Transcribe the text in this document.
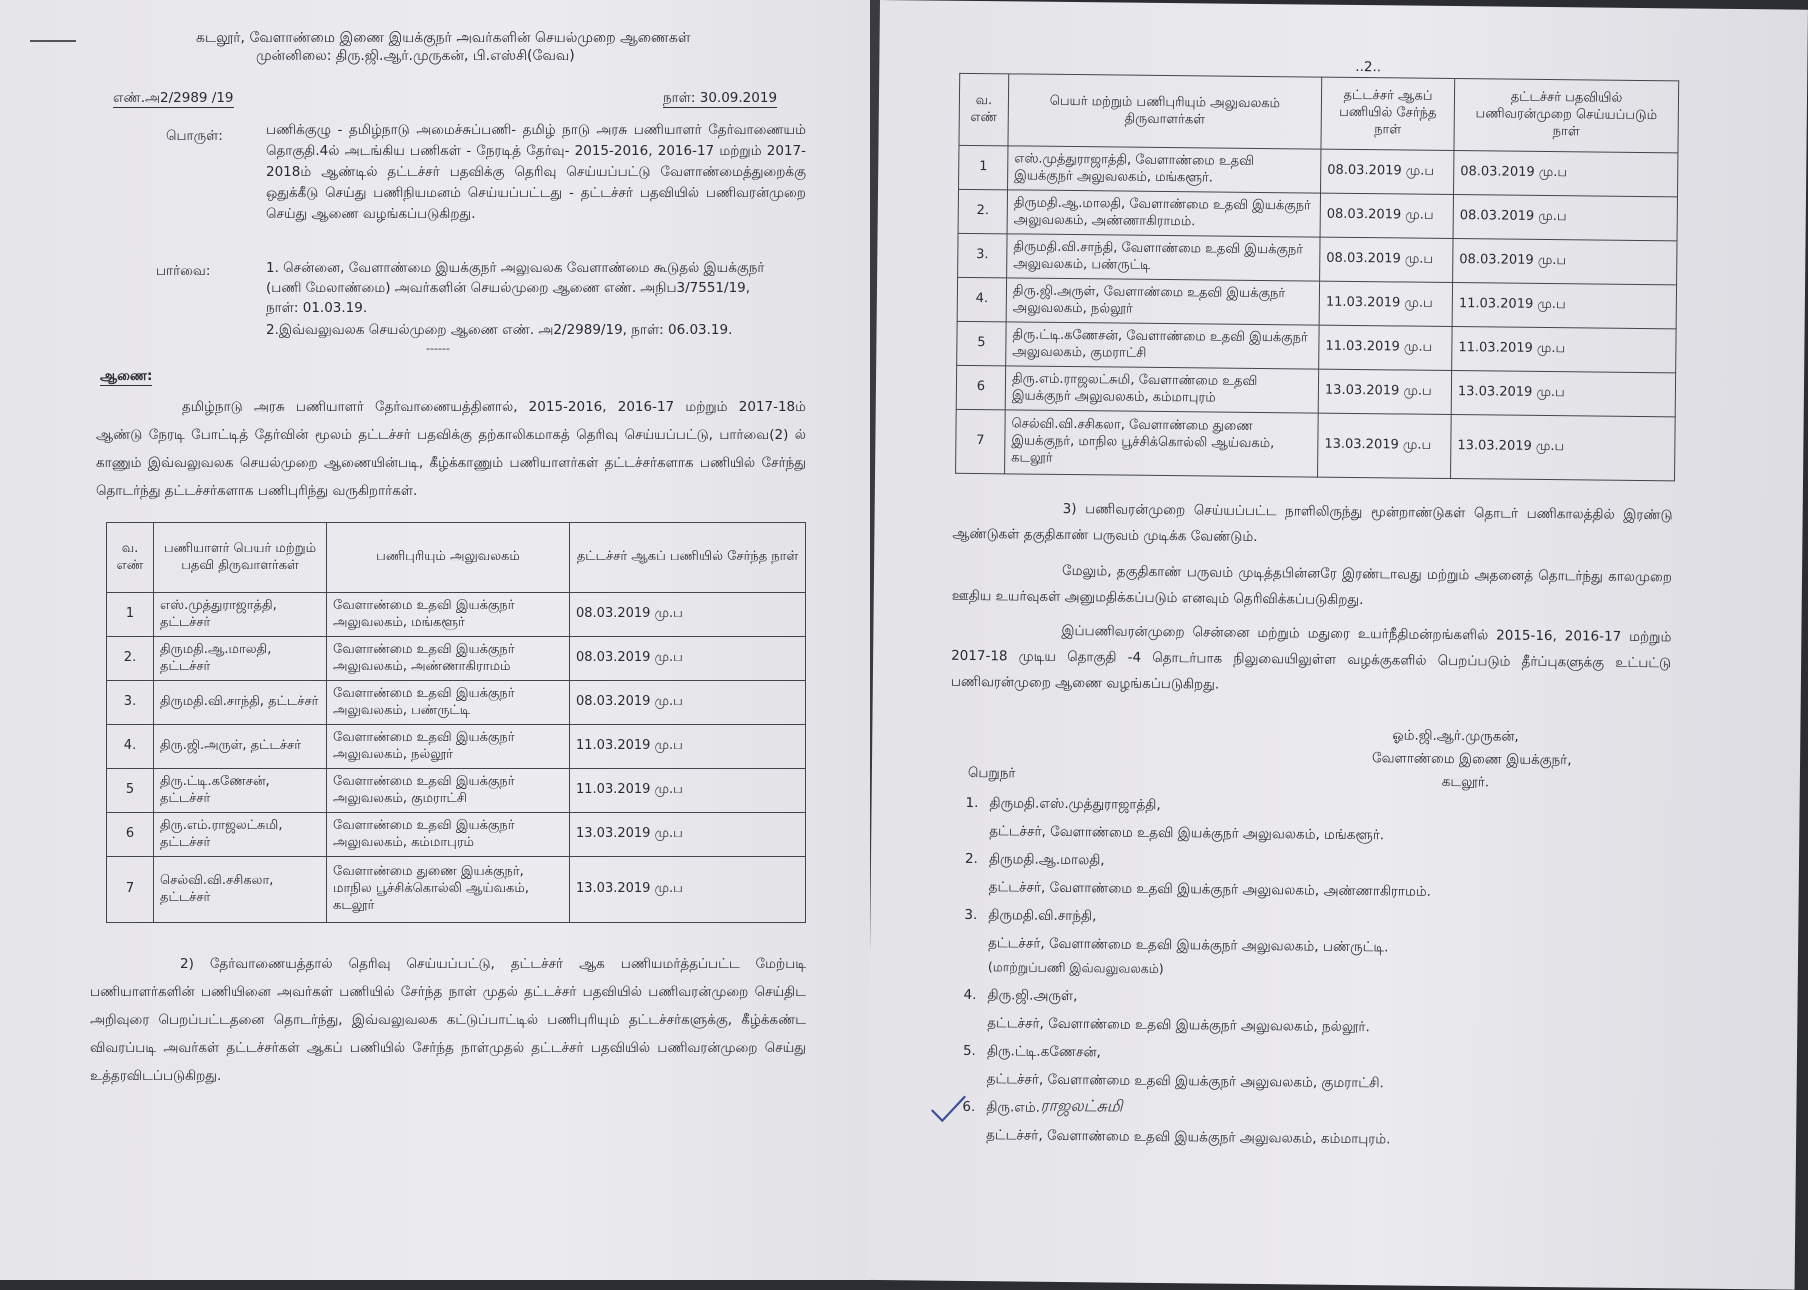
கடலூர், வேளாண்மை இணை இயக்குநர் அவர்களின் செயல்முறை ஆணைகள்
முன்னிலை: திரு.ஜி.ஆர்.முருகன், பி.எஸ்சி(வேவ)
எண்.அ2/2989 /19	நாள்: 30.09.2019
பொருள்:	பணிக்குழு - தமிழ்நாடு அமைச்சுப்பணி- தமிழ் நாடு அரசு பணியாளர் தேர்வாணையம் தொகுதி.4ல் அடங்கிய பணிகள் - நேரடித் தேர்வு- 2015-2016, 2016-17 மற்றும் 2017-2018ம் ஆண்டில் தட்டச்சர் பதவிக்கு தெரிவு செய்யப்பட்டு வேளாண்மைத்துறைக்கு ஒதுக்கீடு செய்து பணிநியமனம் செய்யப்பட்டது - தட்டச்சர் பதவியில் பணிவரன்முறை செய்து ஆணை வழங்கப்படுகிறது.
பார்வை:	1. சென்னை, வேளாண்மை இயக்குநர் அலுவலக வேளாண்மை கூடுதல் இயக்குநர் (பணி மேலாண்மை) அவர்களின் செயல்முறை ஆணை எண். அநிப3/7551/19, நாள்: 01.03.19.
2.இவ்வலுவலக செயல்முறை ஆணை எண். அ2/2989/19, நாள்: 06.03.19.
------
ஆணை:
தமிழ்நாடு அரசு பணியாளர் தேர்வாணையத்தினால், 2015-2016, 2016-17 மற்றும் 2017-18ம் ஆண்டு நேரடி போட்டித் தேர்வின் மூலம் தட்டச்சர் பதவிக்கு தற்காலிகமாகத் தெரிவு செய்யப்பட்டு, பார்வை(2) ல் காணும் இவ்வலுவலக செயல்முறை ஆணையின்படி, கீழ்க்காணும் பணியாளர்கள் தட்டச்சர்களாக பணியில் சேர்ந்து தொடர்ந்து தட்டச்சர்களாக பணிபுரிந்து வருகிறார்கள்.
வ. எண்	பணியாளர் பெயர் மற்றும் பதவி திருவாளர்கள்	பணிபுரியும் அலுவலகம்	தட்டச்சர் ஆகப் பணியில் சேர்ந்த நாள்
1	எஸ்.முத்துராஜாத்தி, தட்டச்சர்	வேளாண்மை உதவி இயக்குநர் அலுவலகம், மங்களூர்	08.03.2019 மு.ப
2.	திருமதி.ஆ.மாலதி, தட்டச்சர்	வேளாண்மை உதவி இயக்குநர் அலுவலகம், அண்ணாகிராமம்	08.03.2019 மு.ப
3.	திருமதி.வி.சாந்தி, தட்டச்சர்	வேளாண்மை உதவி இயக்குநர் அலுவலகம், பண்ருட்டி	08.03.2019 மு.ப
4.	திரு.ஜி.அருள், தட்டச்சர்	வேளாண்மை உதவி இயக்குநர் அலுவலகம், நல்லூர்	11.03.2019 மு.ப
5	திரு.ட்டி.கணேசன், தட்டச்சர்	வேளாண்மை உதவி இயக்குநர் அலுவலகம், குமராட்சி	11.03.2019 மு.ப
6	திரு.எம்.ராஜலட்சுமி, தட்டச்சர்	வேளாண்மை உதவி இயக்குநர் அலுவலகம், கம்மாபுரம்	13.03.2019 மு.ப
7	செல்வி.வி.சசிகலா, தட்டச்சர்	வேளாண்மை துணை இயக்குநர், மாநில பூச்சிக்கொல்லி ஆய்வகம், கடலூர்	13.03.2019 மு.ப
2) தேர்வாணையத்தால் தெரிவு செய்யப்பட்டு, தட்டச்சர் ஆக பணியமர்த்தப்பட்ட மேற்படி பணியாளர்களின் பணியினை அவர்கள் பணியில் சேர்ந்த நாள் முதல் தட்டச்சர் பதவியில் பணிவரன்முறை செய்திட அறிவுரை பெறப்பட்டதனை தொடர்ந்து, இவ்வலுவலக கட்டுப்பாட்டில் பணிபுரியும் தட்டச்சர்களுக்கு, கீழ்க்கண்ட விவரப்படி அவர்கள் தட்டச்சர்கள் ஆகப் பணியில் சேர்ந்த நாள்முதல் தட்டச்சர் பதவியில் பணிவரன்முறை செய்து உத்தரவிடப்படுகிறது.
..2..
வ. எண்	பெயர் மற்றும் பணிபுரியும் அலுவலகம் திருவாளர்கள்	தட்டச்சர் ஆகப் பணியில் சேர்ந்த நாள்	தட்டச்சர் பதவியில் பணிவரன்முறை செய்யப்படும் நாள்
1	எஸ்.முத்துராஜாத்தி, வேளாண்மை உதவி இயக்குநர் அலுவலகம், மங்களூர்.	08.03.2019 மு.ப	08.03.2019 மு.ப
2.	திருமதி.ஆ.மாலதி, வேளாண்மை உதவி இயக்குநர் அலுவலகம், அண்ணாகிராமம்.	08.03.2019 மு.ப	08.03.2019 மு.ப
3.	திருமதி.வி.சாந்தி, வேளாண்மை உதவி இயக்குநர் அலுவலகம், பண்ருட்டி	08.03.2019 மு.ப	08.03.2019 மு.ப
4.	திரு.ஜி.அருள், வேளாண்மை உதவி இயக்குநர் அலுவலகம், நல்லூர்	11.03.2019 மு.ப	11.03.2019 மு.ப
5	திரு.ட்டி.கணேசன், வேளாண்மை உதவி இயக்குநர் அலுவலகம், குமராட்சி	11.03.2019 மு.ப	11.03.2019 மு.ப
6	திரு.எம்.ராஜலட்சுமி, வேளாண்மை உதவி இயக்குநர் அலுவலகம், கம்மாபுரம்	13.03.2019 மு.ப	13.03.2019 மு.ப
7	செல்வி.வி.சசிகலா, வேளாண்மை துணை இயக்குநர், மாநில பூச்சிக்கொல்லி ஆய்வகம், கடலூர்	13.03.2019 மு.ப	13.03.2019 மு.ப
3) பணிவரன்முறை செய்யப்பட்ட நாளிலிருந்து மூன்றாண்டுகள் தொடர் பணிகாலத்தில் இரண்டு ஆண்டுகள் தகுதிகாண் பருவம் முடிக்க வேண்டும்.
மேலும், தகுதிகாண் பருவம் முடித்தபின்னரே இரண்டாவது மற்றும் அதனைத் தொடர்ந்து காலமுறை ஊதிய உயர்வுகள் அனுமதிக்கப்படும் எனவும் தெரிவிக்கப்படுகிறது.
இப்பணிவரன்முறை சென்னை மற்றும் மதுரை உயர்நீதிமன்றங்களில் 2015-16, 2016-17 மற்றும் 2017-18 முடிய தொகுதி -4 தொடர்பாக நிலுவையிலுள்ள வழக்குகளில் பெறப்படும் தீர்ப்புகளுக்கு உட்பட்டு பணிவரன்முறை ஆணை வழங்கப்படுகிறது.
ஓம்.ஜி.ஆர்.முருகன்,
வேளாண்மை இணை இயக்குநர்,
கடலூர்.
பெறுநர்
1. திருமதி.எஸ்.முத்துராஜாத்தி,
தட்டச்சர், வேளாண்மை உதவி இயக்குநர் அலுவலகம், மங்களூர்.
2. திருமதி.ஆ.மாலதி,
தட்டச்சர், வேளாண்மை உதவி இயக்குநர் அலுவலகம், அண்ணாகிராமம்.
3. திருமதி.வி.சாந்தி,
தட்டச்சர், வேளாண்மை உதவி இயக்குநர் அலுவலகம், பண்ருட்டி.
(மாற்றுப்பணி இவ்வலுவலகம்)
4. திரு.ஜி.அருள்,
தட்டச்சர், வேளாண்மை உதவி இயக்குநர் அலுவலகம், நல்லூர்.
5. திரு.ட்டி.கணேசன்,
தட்டச்சர், வேளாண்மை உதவி இயக்குநர் அலுவலகம், குமராட்சி.
6. திரு.எம். ராஜலட்சுமி
தட்டச்சர், வேளாண்மை உதவி இயக்குநர் அலுவலகம், கம்மாபுரம்.
